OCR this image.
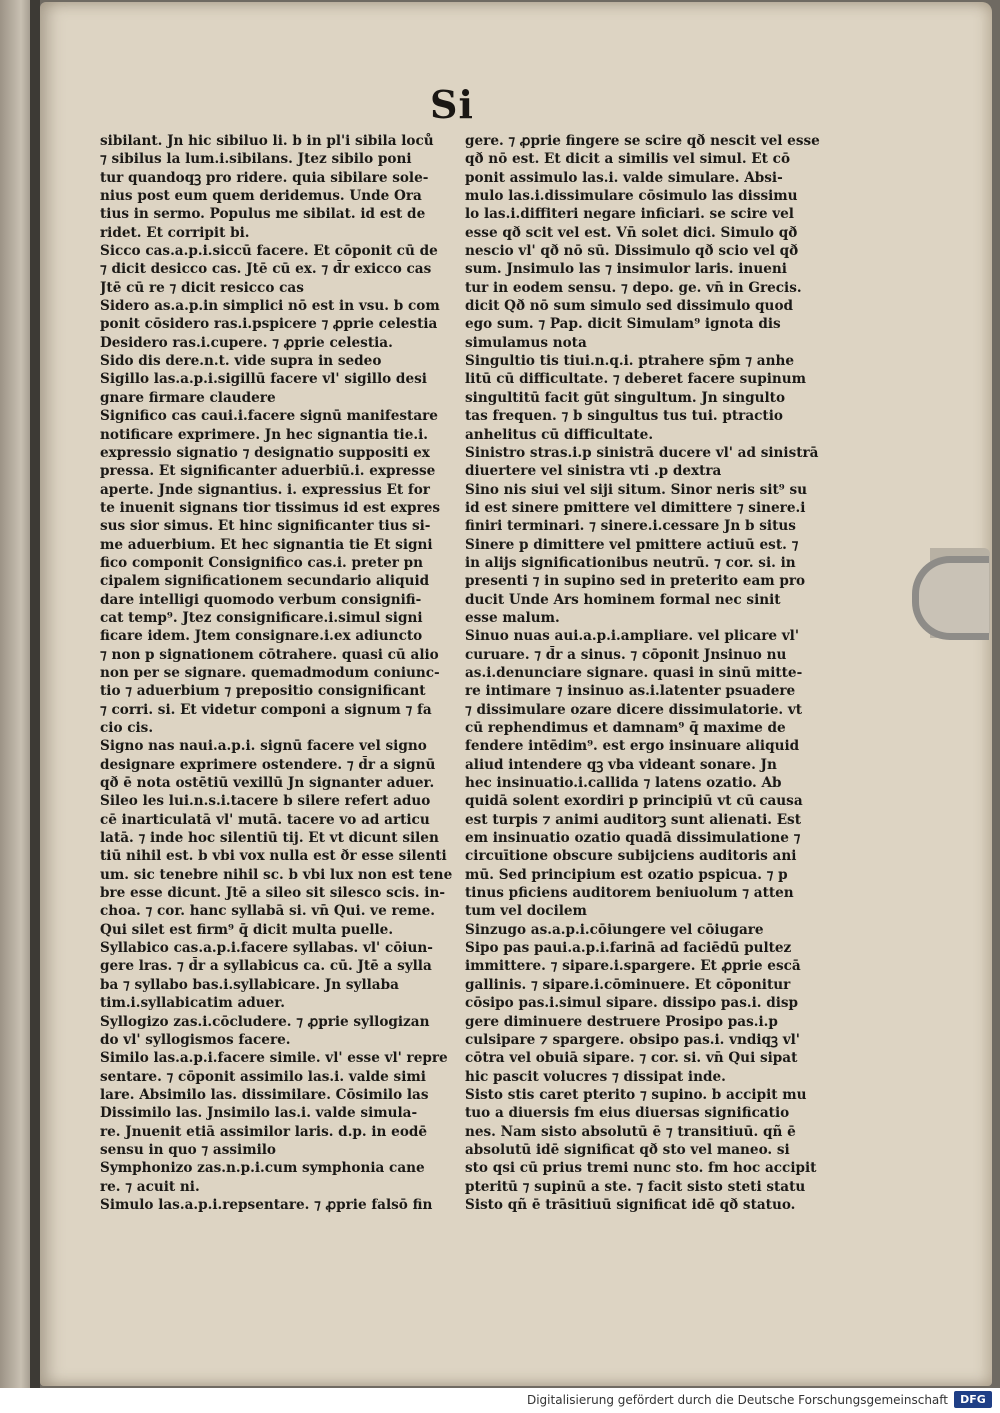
Si
sibilant. Jn hic sibiluo li. b in pl'i sibila loců
⁊ sibilus la lum.i.sibilans. Jtez sibilo poni
tur quandoqꝫ pro ridere. quia sibilare sole-
nius post eum quem deridemus. Unde Ora
tius in sermo. Populus me sibilat. id est de
ridet. Et corripit bi.
Sicco cas.a.p.i.siccū facere. Et cōponit cū de
⁊ dicit desicco cas. Jtē cū ex. ⁊ d̄r exicco cas
Jtē cū re ⁊ dicit resicco cas
Sidero as.a.p.in simplici nō est in vsu. b com
ponit cōsidero ras.i.pspicere ⁊ ꝓprie celestia
Desidero ras.i.cupere. ⁊ ꝓprie celestia.
Sido dis dere.n.t. vide supra in sedeo
Sigillo las.a.p.i.sigillū facere vl' sigillo desi
gnare firmare claudere
Significo cas caui.i.facere signū manifestare
notificare exprimere. Jn hec signantia tie.i.
expressio signatio ⁊ designatio suppositi ex
pressa. Et significanter aduerbiū.i. expresse
aperte. Jnde signantius. i. expressius Et for
te inuenit signans tior tissimus id est expres
sus sior simus. Et hinc significanter tius si-
me aduerbium. Et hec signantia tie Et signi
fico componit Consignifico cas.i. preter pn
cipalem significationem secundario aliquid
dare intelligi quomodo verbum consignifi-
cat temp⁹. Jtez consignificare.i.simul signi
ficare idem. Jtem consignare.i.ex adiuncto
⁊ non p signationem cōtrahere. quasi cū alio
non per se signare. quemadmodum coniunc-
tio ⁊ aduerbium ⁊ prepositio consignificant
⁊ corri. si. Et videtur componi a signum ⁊ fa
cio cis.
Signo nas naui.a.p.i. signū facere vel signo
designare exprimere ostendere. ⁊ d̄r a signū
qð ē nota ostētiū vexillū Jn signanter aduer.
Sileo les lui.n.s.i.tacere b silere refert aduo
cē inarticulatā vl' mutā. tacere vo ad articu
latā. ⁊ inde hoc silentiū tij. Et vt dicunt silen
tiū nihil est. b vbi vox nulla est ðr esse silenti
um. sic tenebre nihil sc. b vbi lux non est tene
bre esse dicunt. Jtē a sileo sit silesco scis. in-
choa. ⁊ cor. hanc syllabā si. vn̄ Qui. ve reme.
Qui silet est firm⁹ q̄ dicit multa puelle.
Syllabico cas.a.p.i.facere syllabas. vl' cōiun-
gere lras. ⁊ d̄r a syllabicus ca. cū. Jtē a sylla
ba ⁊ syllabo bas.i.syllabicare. Jn syllaba
tim.i.syllabicatim aduer.
Syllogizo zas.i.cōcludere. ⁊ ꝓprie syllogizan
do vl' syllogismos facere.
Similo las.a.p.i.facere simile. vl' esse vl' repre
sentare. ⁊ cōponit assimilo las.i. valde simi
lare. Absimilo las. dissimilare. Cōsimilo las
Dissimilo las. Jnsimilo las.i. valde simula-
re. Jnuenit etiā assimilor laris. d.p. in eodē
sensu in quo ⁊ assimilo
Symphonizo zas.n.p.i.cum symphonia cane
re. ⁊ acuit ni.
Simulo las.a.p.i.repsentare. ⁊ ꝓprie falsō fin
gere. ⁊ ꝓprie fingere se scire qð nescit vel esse
qð nō est. Et dicit a similis vel simul. Et cō
ponit assimulo las.i. valde simulare. Absi-
mulo las.i.dissimulare cōsimulo las dissimu
lo las.i.diffiteri negare inficiari. se scire vel
esse qð scit vel est. Vn̄ solet dici. Simulo qð
nescio vl' qð nō sū. Dissimulo qð scio vel qð
sum. Jnsimulo las ⁊ insimulor laris. inueni
tur in eodem sensu. ⁊ depo. ge. vn̄ in Grecis.
dicit Qð nō sum simulo sed dissimulo quod
ego sum. ⁊ Pap. dicit Simulam⁹ ignota dis
simulamus nota
Singultio tis tiui.n.q.i. ptrahere sp̄m ⁊ anhe
litū cū difficultate. ⁊ deberet facere supinum
singultitū facit gūt singultum. Jn singulto
tas frequen. ⁊ b singultus tus tui. ptractio
anhelitus cū difficultate.
Sinistro stras.i.p sinistrā ducere vl' ad sinistrā
diuertere vel sinistra vti .p dextra
Sino nis siui vel siji situm. Sinor neris sit⁹ su
id est sinere pmittere vel dimittere ⁊ sinere.i
finiri terminari. ⁊ sinere.i.cessare Jn b situs
Sinere p dimittere vel pmittere actiuū est. ⁊
in alijs significationibus neutrū. ⁊ cor. si. in
presenti ⁊ in supino sed in preterito eam pro
ducit Unde Ars hominem formal nec sinit
esse malum.
Sinuo nuas aui.a.p.i.ampliare. vel plicare vl'
curuare. ⁊ d̄r a sinus. ⁊ cōponit Jnsinuo nu
as.i.denunciare signare. quasi in sinū mitte-
re intimare ⁊ insinuo as.i.latenter psuadere
⁊ dissimulare ozare dicere dissimulatorie. vt
cū rephendimus et damnam⁹ q̄ maxime de
fendere intēdim⁹. est ergo insinuare aliquid
aliud intendere qꝫ vba videant sonare. Jn
hec insinuatio.i.callida ⁊ latens ozatio. Ab
quidā solent exordiri p principiū vt cū causa
est turpis ⁊ animi auditorꝫ sunt alienati. Est
em insinuatio ozatio quadā dissimulatione ⁊
circuītione obscure subijciens auditoris ani
mū. Sed principium est ozatio pspicua. ⁊ p
tinus pficiens auditorem beniuolum ⁊ atten
tum vel docilem
Sinzugo as.a.p.i.cōiungere vel cōiugare
Sipo pas paui.a.p.i.farinā ad faciēdū pultez
immittere. ⁊ sipare.i.spargere. Et ꝓprie escā
gallinis. ⁊ sipare.i.cōminuere. Et cōponitur
cōsipo pas.i.simul sipare. dissipo pas.i. disp
gere diminuere destruere Prosipo pas.i.p
culsipare ⁊ spargere. obsipo pas.i. vndiqꝫ vl'
cōtra vel obuiā sipare. ⁊ cor. si. vn̄ Qui sipat
hic pascit volucres ⁊ dissipat inde.
Sisto stis caret pterito ⁊ supino. b accipit mu
tuo a diuersis fm eius diuersas significatio
nes. Nam sisto absolutū ē ⁊ transitiuū. qñ ē
absolutū idē significat qð sto vel maneo. si
sto qsi cū prius tremi nunc sto. fm hoc accipit
pteritū ⁊ supinū a ste. ⁊ facit sisto steti statu
Sisto qñ ē trāsitiuū significat idē qð statuo.
Digitalisierung gefördert durch die Deutsche Forschungsgemeinschaft	DFG
